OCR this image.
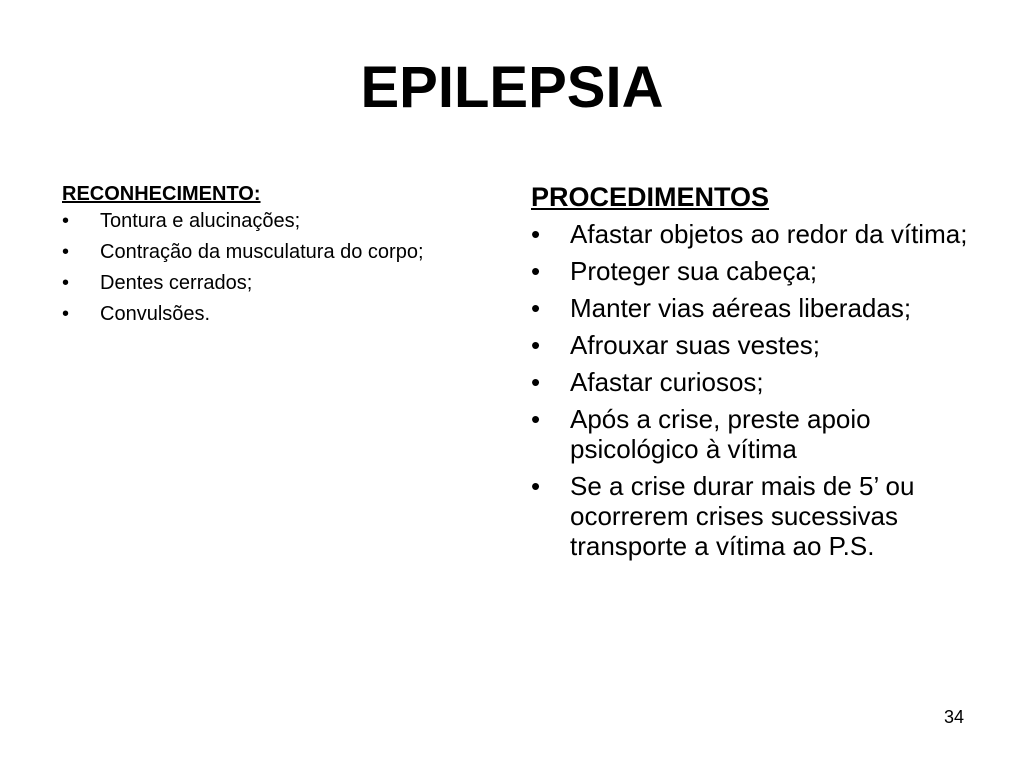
EPILEPSIA

RECONHECIMENTO:

• Tontura e alucinações;
• Contração da musculatura do corpo;
• Dentes cerrados;
• Convulsões.

PROCEDIMENTOS

• Afastar objetos ao redor da vítima;
• Proteger sua cabeça;
• Manter vias aéreas liberadas;
• Afrouxar suas vestes;
• Afastar curiosos;
• Após a crise, preste apoio psicológico à vítima
• Se a crise durar mais de 5’ ou ocorrerem crises sucessivas transporte a vítima ao P.S.

34
